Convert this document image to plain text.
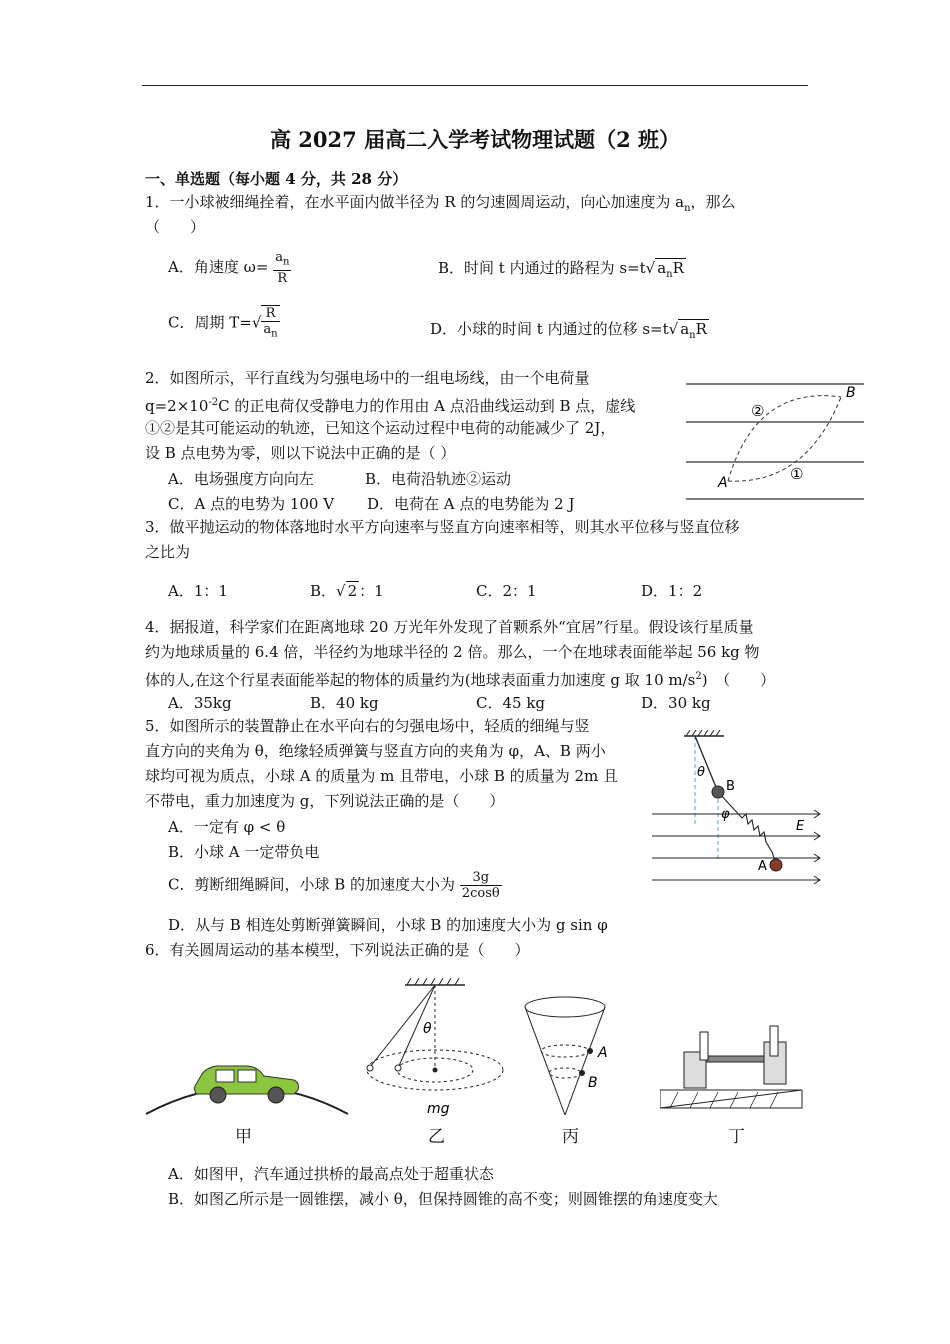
高 2027 届高二入学考试物理试题（2 班）
一、单选题（每小题 4 分，共 28 分）
1．一小球被细绳拴着，在水平面内做半径为 R 的匀速圆周运动，向心加速度为 $a_n$，那么
（　　）
A．角速度 $\omega= \frac{a_n}{R}$	B．时间 t 内通过的路程为 s=t√ $a_nR$
C．周期 $T=√ \frac{R}{a_n}$	D．小球的时间 t 内通过的位移 s=t√ $a_nR$
2．如图所示，平行直线为匀强电场中的一组电场线，由一个电荷量
$q=2\times 10^{-2}C$ 的正电荷仅受静电力的作用由 A 点沿曲线运动到 B 点，虚线
①②是其可能运动的轨迹，已知这个运动过程中电荷的动能减少了 2J，
设 B 点电势为零，则以下说法中正确的是（ ）
A．电场强度方向向左	B．电荷沿轨迹②运动
C．A 点的电势为 100 V D．电荷在 A 点的电势能为 2 J
A
B
②
①
3．做平抛运动的物体落地时水平方向速率与竖直方向速率相等，则其水平位移与竖直位移
之比为
A．1：1	B．√ 2 ：1	C．2：1	D．1：2
4．据报道，科学家们在距离地球 20 万光年外发现了首颗系外“宜居”行星。假设该行星质量
约为地球质量的 6.4 倍，半径约为地球半径的 2 倍。那么，一个在地球表面能举起 56 kg 物
体的人,在这个行星表面能举起的物体的质量约为(地球表面重力加速度 g 取 10 $m/s^2$)　（　　）
A．35kg	B．40 kg	C．45 kg	D．30 kg
5．如图所示的装置静止在水平向右的匀强电场中，轻质的细绳与竖
直方向的夹角为 θ，绝缘轻质弹簧与竖直方向的夹角为 φ，A、B 两小
球均可视为质点，小球 A 的质量为 m 且带电，小球 B 的质量为 2m 且
不带电，重力加速度为 g，下列说法正确的是（　　）
A．一定有 φ < θ
B．小球 A 一定带负电
C．剪断细绳瞬间，小球 B 的加速度大小为 $\frac{3g}{2\cos\theta}$
D．从与 B 相连处剪断弹簧瞬间，小球 B 的加速度大小为 g sin φ
θ
φ
B
A
E
6．有关圆周运动的基本模型，下列说法正确的是（　　）
θ
mg
A
B
甲	乙	丙	丁
A．如图甲，汽车通过拱桥的最高点处于超重状态
B．如图乙所示是一圆锥摆，减小 θ，但保持圆锥的高不变；则圆锥摆的角速度变大
